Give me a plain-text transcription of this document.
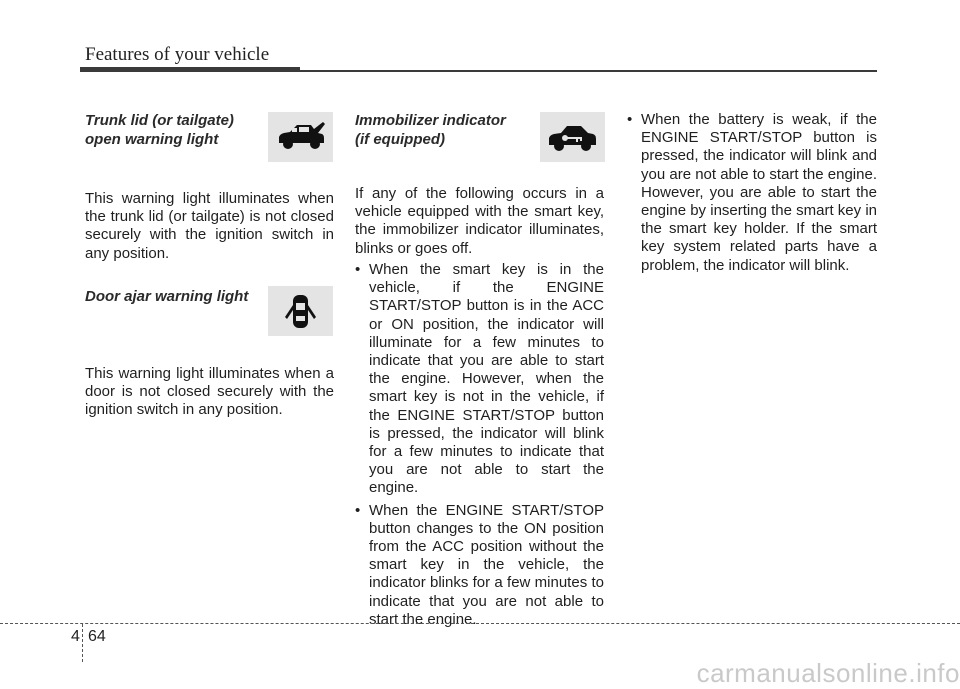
Features of your vehicle
Trunk lid (or tailgate)
open warning light
This warning light illuminates when the trunk lid (or tailgate) is not closed securely with the ignition switch in any position.
Door ajar warning light
This warning light illuminates when a door is not closed securely with the ignition switch in any position.
Immobilizer indicator
(if equipped)
If any of the following occurs in a vehicle equipped with the smart key, the immobilizer indicator illuminates, blinks or goes off.
• When the smart key is in the vehicle, if the ENGINE START/STOP button is in the ACC or ON position, the indicator will illuminate for a few minutes to indicate that you are able to start the engine. However, when the smart key is not in the vehicle, if the ENGINE START/STOP button is pressed, the indicator will blink for a few minutes to indicate that you are not able to start the engine.
• When the ENGINE START/STOP button changes to the ON position from the ACC position without the smart key in the vehicle, the indicator blinks for a few minutes to indicate that you are not able to start the engine.
• When the battery is weak, if the ENGINE START/STOP button is pressed, the indicator will blink and you are not able to start the engine. However, you are able to start the engine by inserting the smart key in the smart key holder. If the smart key system related parts have a problem, the indicator will blink.
4 64
carmanualsonline.info
